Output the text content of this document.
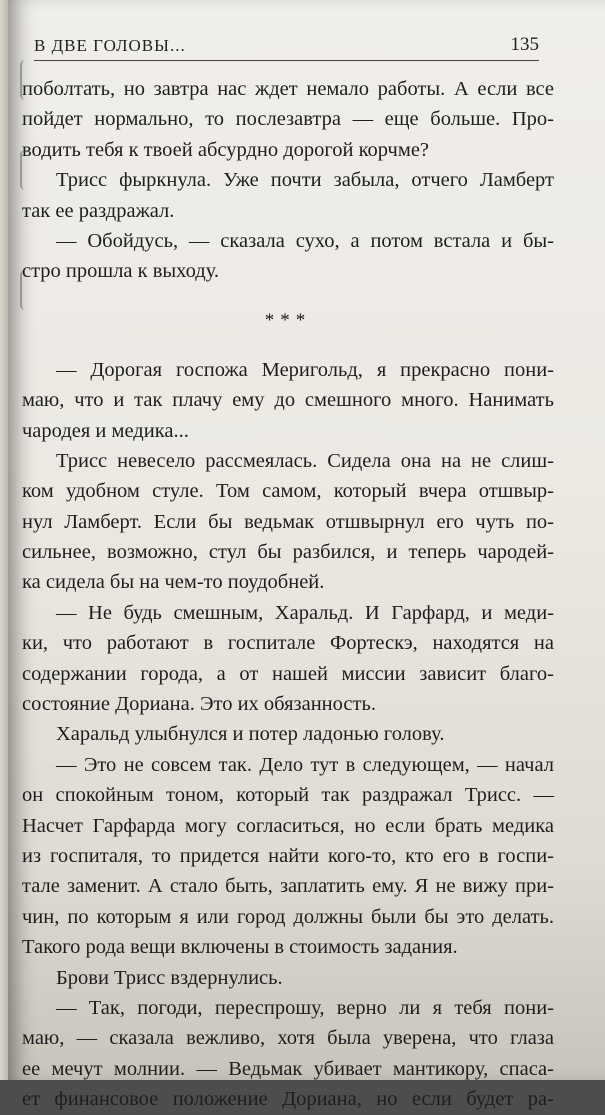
В ДВЕ ГОЛОВЫ...	135
поболтать, но завтра нас ждет немало работы. А если все
пойдет нормально, то послезавтра — еще больше. Про-
водить тебя к твоей абсурдно дорогой корчме?
Трисс фыркнула. Уже почти забыла, отчего Ламберт
так ее раздражал.
— Обойдусь, — сказала сухо, а потом встала и бы-
стро прошла к выходу.
***
— Дорогая госпожа Меригольд, я прекрасно пони-
маю, что и так плачу ему до смешного много. Нанимать
чародея и медика...
Трисс невесело рассмеялась. Сидела она на не слиш-
ком удобном стуле. Том самом, который вчера отшвыр-
нул Ламберт. Если бы ведьмак отшвырнул его чуть по-
сильнее, возможно, стул бы разбился, и теперь чародей-
ка сидела бы на чем-то поудобней.
— Не будь смешным, Харальд. И Гарфард, и меди-
ки, что работают в госпитале Фортескэ, находятся на
содержании города, а от нашей миссии зависит благо-
состояние Дориана. Это их обязанность.
Харальд улыбнулся и потер ладонью голову.
— Это не совсем так. Дело тут в следующем, — начал
он спокойным тоном, который так раздражал Трисс. —
Насчет Гарфарда могу согласиться, но если брать медика
из госпиталя, то придется найти кого-то, кто его в госпи-
тале заменит. А стало быть, заплатить ему. Я не вижу при-
чин, по которым я или город должны были бы это делать.
Такого рода вещи включены в стоимость задания.
Брови Трисс вздернулись.
— Так, погоди, переспрошу, верно ли я тебя пони-
маю, — сказала вежливо, хотя была уверена, что глаза
ее мечут молнии. — Ведьмак убивает мантикору, спаса-
ет финансовое положение Дориана, но если будет ра-
